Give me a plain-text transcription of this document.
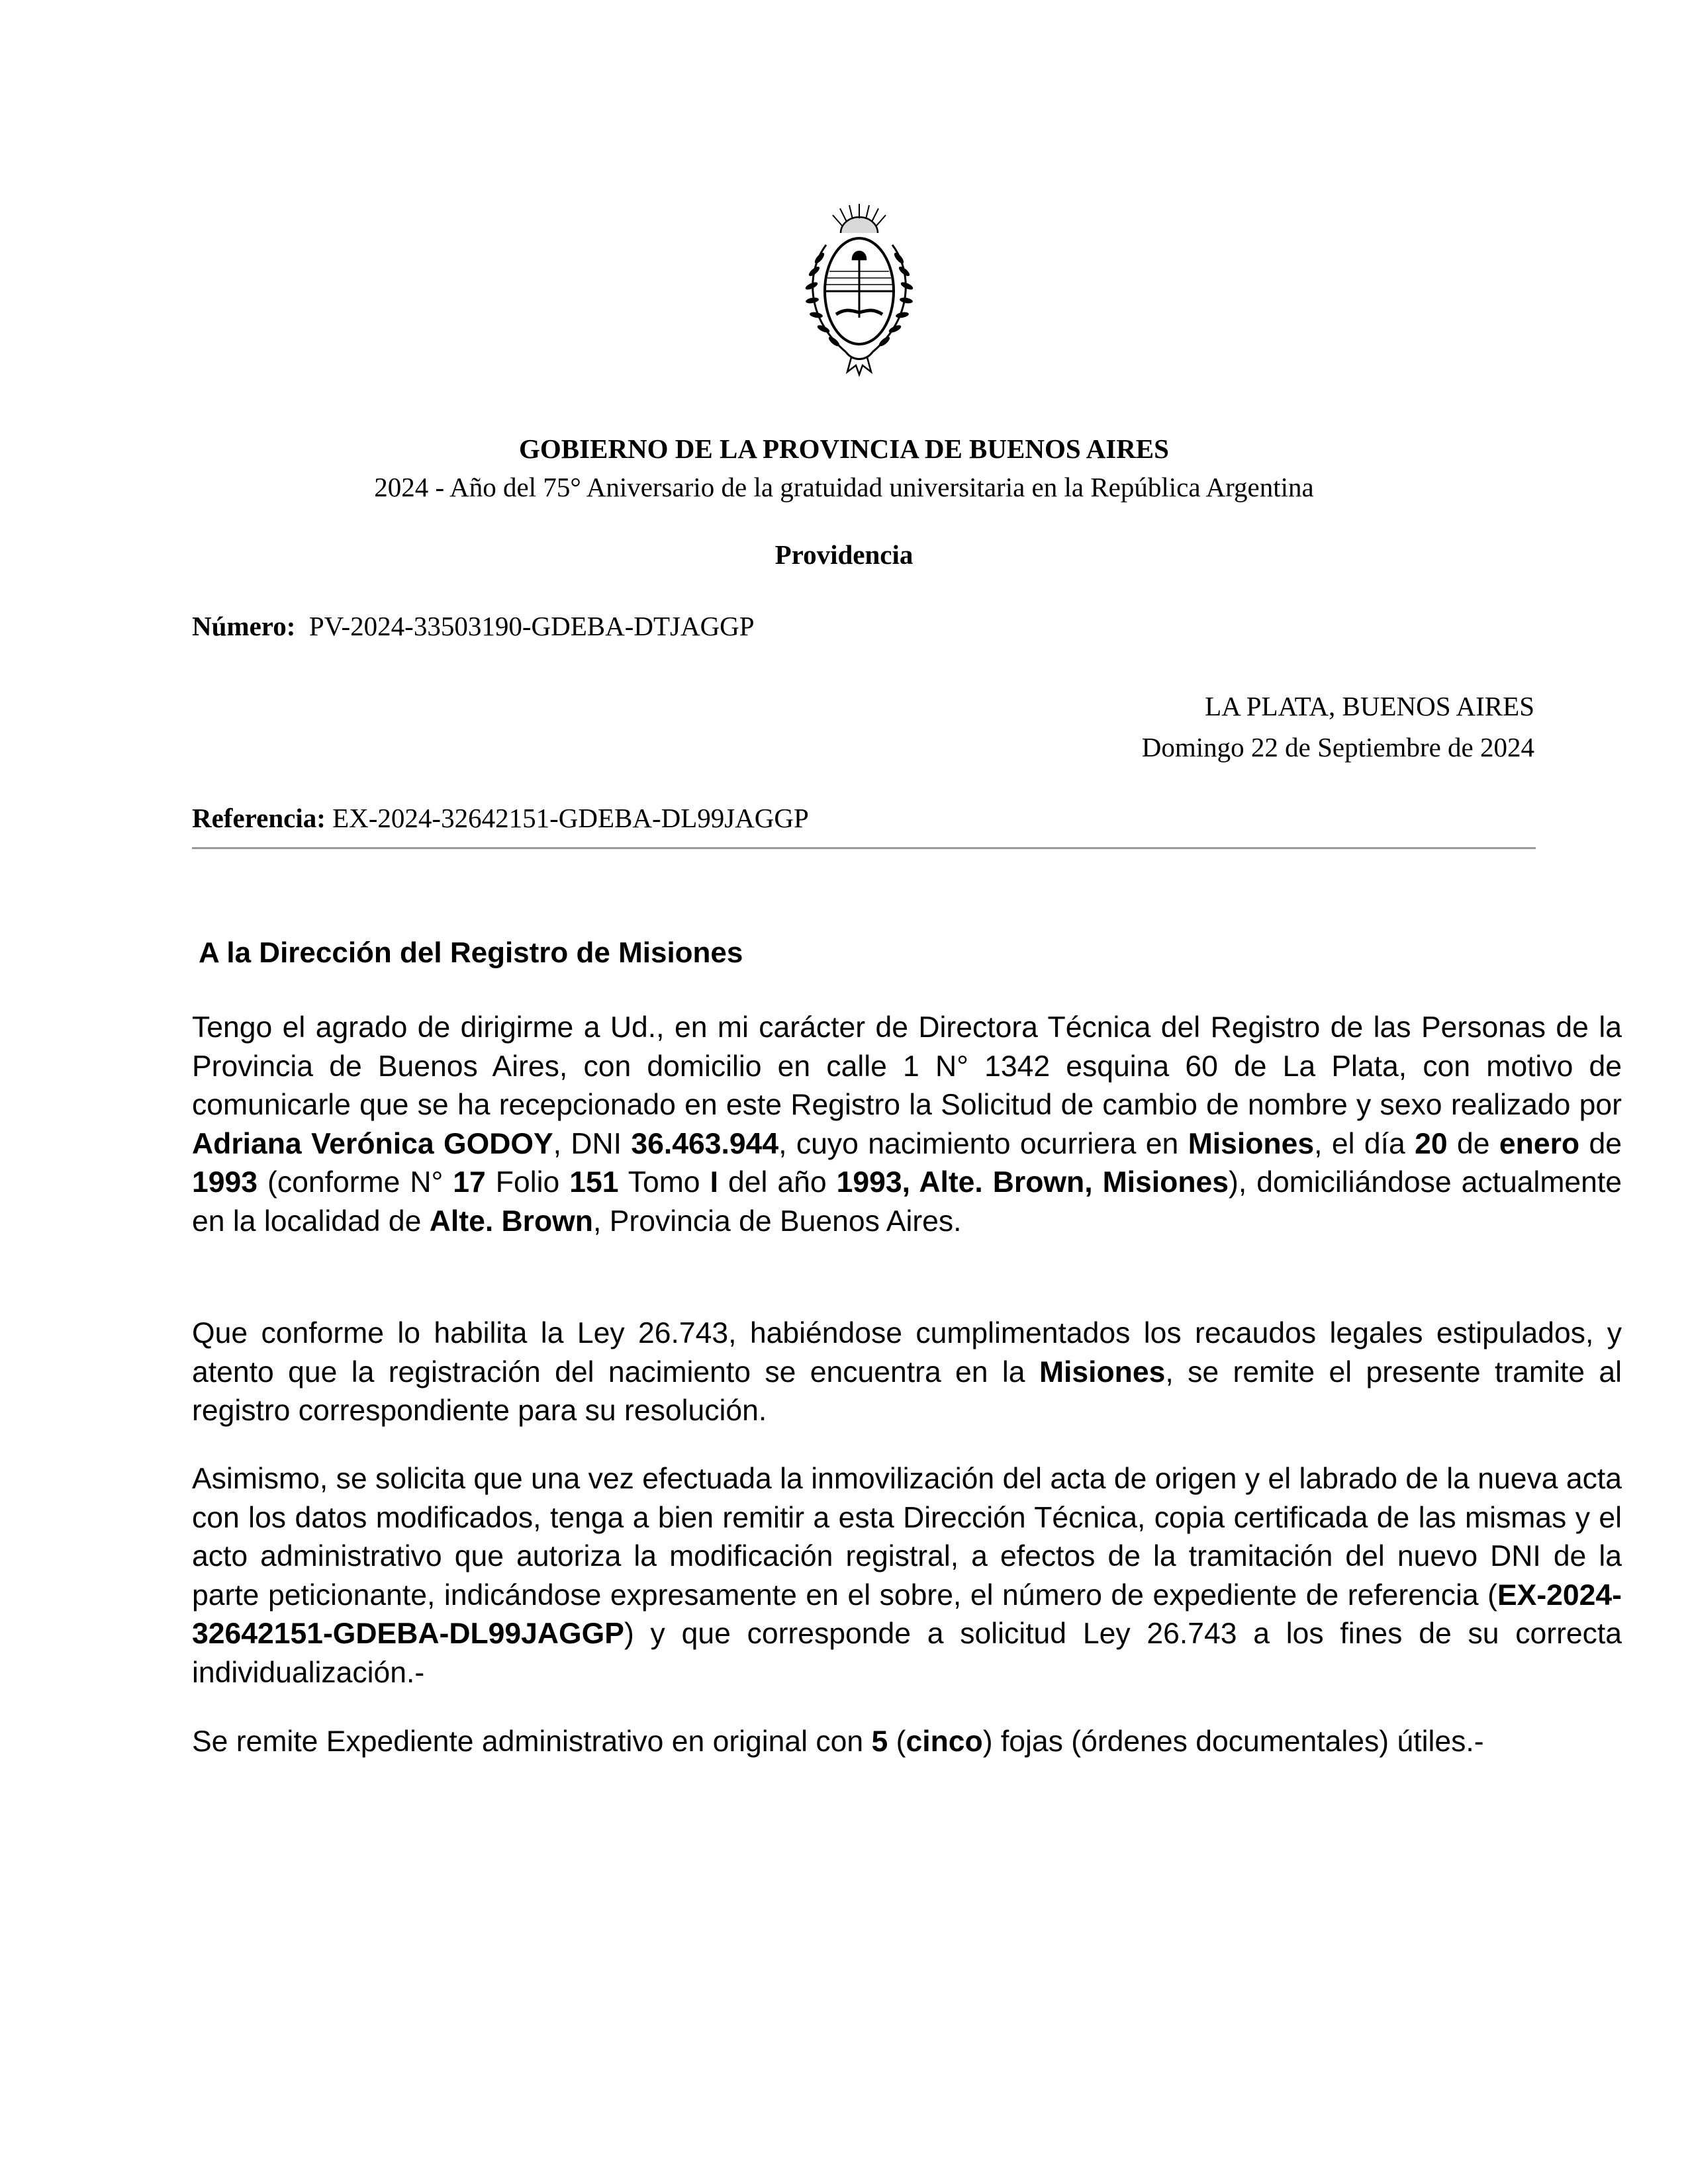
GOBIERNO DE LA PROVINCIA DE BUENOS AIRES
2024 - Año del 75° Aniversario de la gratuidad universitaria en la República Argentina
Providencia
Número: PV-2024-33503190-GDEBA-DTJAGGP
LA PLATA, BUENOS AIRES
Domingo 22 de Septiembre de 2024
Referencia: EX-2024-32642151-GDEBA-DL99JAGGP
A la Dirección del Registro de Misiones
Tengo el agrado de dirigirme a Ud., en mi carácter de Directora Técnica del Registro de las Personas de la Provincia de Buenos Aires, con domicilio en calle 1 N° 1342 esquina 60 de La Plata, con motivo de comunicarle que se ha recepcionado en este Registro la Solicitud de cambio de nombre y sexo realizado por Adriana Verónica GODOY, DNI 36.463.944, cuyo nacimiento ocurriera en Misiones, el día 20 de enero de 1993 (conforme N° 17 Folio 151 Tomo I del año 1993, Alte. Brown, Misiones), domiciliándose actualmente en la localidad de Alte. Brown, Provincia de Buenos Aires.
Que conforme lo habilita la Ley 26.743, habiéndose cumplimentados los recaudos legales estipulados, y atento que la registración del nacimiento se encuentra en la Misiones, se remite el presente tramite al registro correspondiente para su resolución.
Asimismo, se solicita que una vez efectuada la inmovilización del acta de origen y el labrado de la nueva acta con los datos modificados, tenga a bien remitir a esta Dirección Técnica, copia certificada de las mismas y el acto administrativo que autoriza la modificación registral, a efectos de la tramitación del nuevo DNI de la parte peticionante, indicándose expresamente en el sobre, el número de expediente de referencia (EX-2024-32642151-GDEBA-DL99JAGGP) y que corresponde a solicitud Ley 26.743 a los fines de su correcta individualización.-
Se remite Expediente administrativo en original con 5 (cinco) fojas (órdenes documentales) útiles.-
